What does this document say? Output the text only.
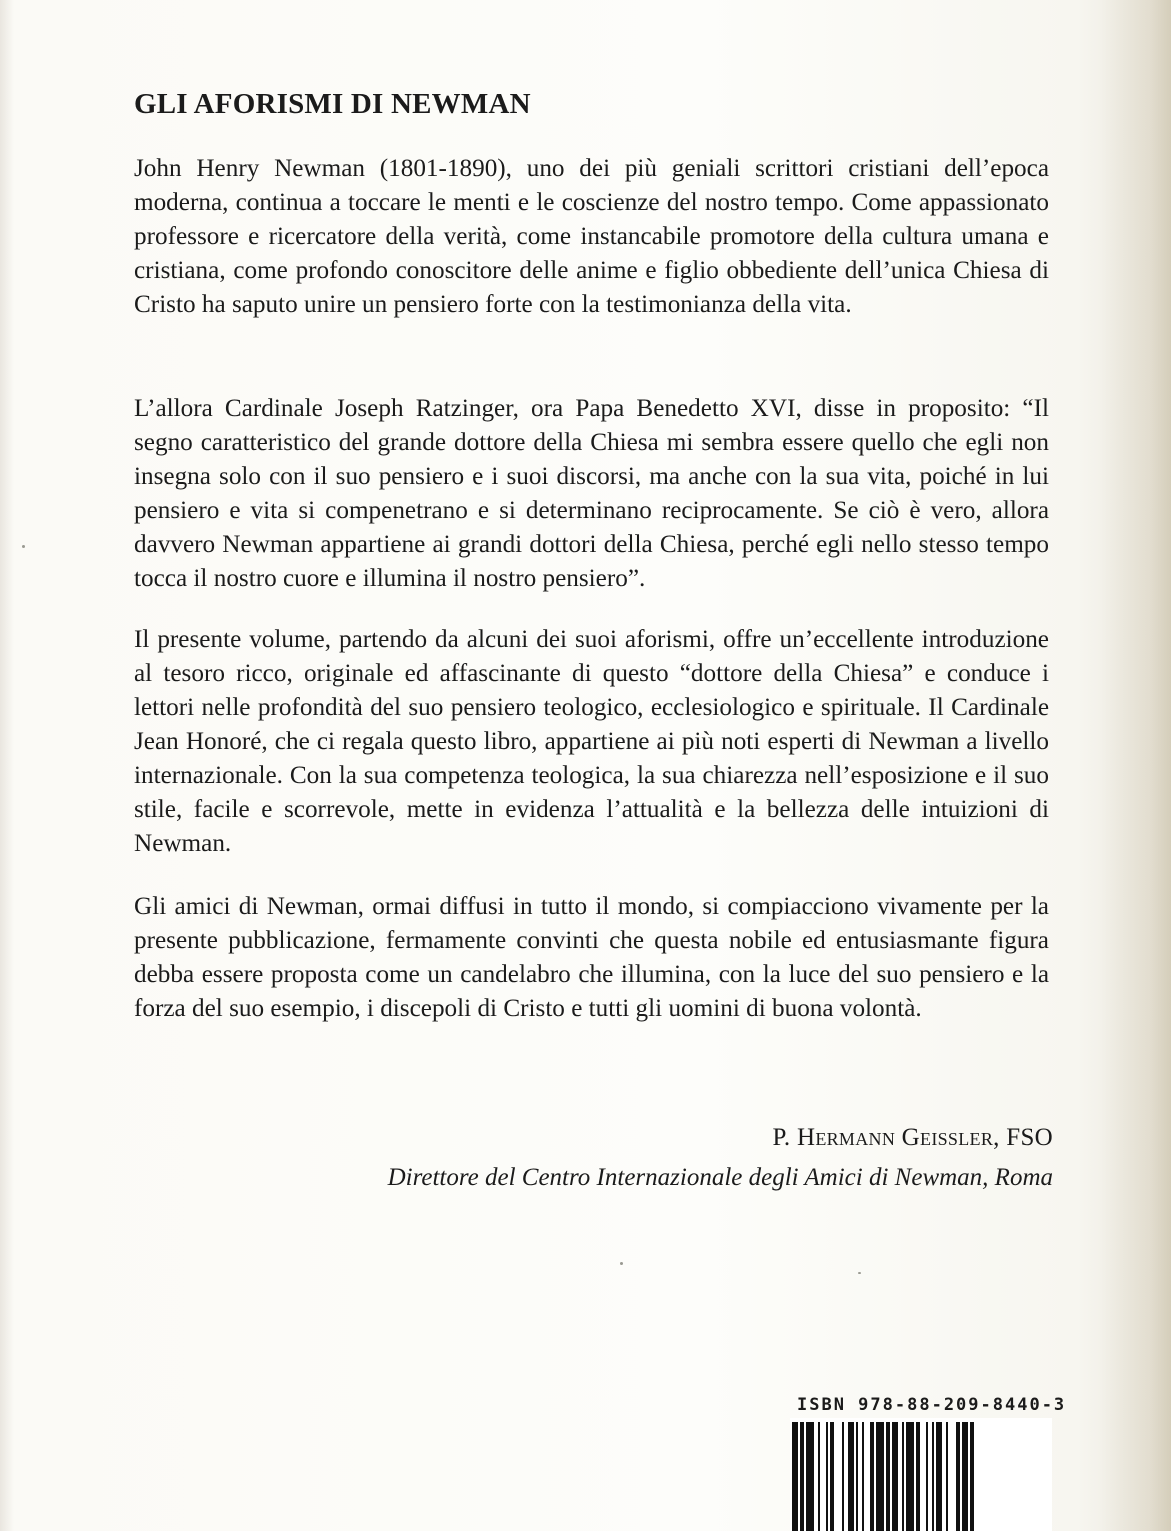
GLI AFORISMI DI NEWMAN

John Henry Newman (1801-1890), uno dei più geniali scrittori cristiani dell’epoca moderna, continua a toccare le menti e le coscienze del nostro tempo. Come appassionato professore e ricercatore della verità, come instancabile promotore della cultura umana e cristiana, come profondo conoscitore delle anime e figlio obbediente dell’unica Chiesa di Cristo ha saputo unire un pensiero forte con la testimonianza della vita.

L’allora Cardinale Joseph Ratzinger, ora Papa Benedetto XVI, disse in proposito: “Il segno caratteristico del grande dottore della Chiesa mi sembra essere quello che egli non insegna solo con il suo pensiero e i suoi discorsi, ma anche con la sua vita, poiché in lui pensiero e vita si compenetrano e si determinano reciprocamente. Se ciò è vero, allora davvero Newman appartiene ai grandi dottori della Chiesa, perché egli nello stesso tempo tocca il nostro cuore e illumina il nostro pensiero”.

Il presente volume, partendo da alcuni dei suoi aforismi, offre un’eccellente introduzione al tesoro ricco, originale ed affascinante di questo “dottore della Chiesa” e conduce i lettori nelle profondità del suo pensiero teologico, ecclesiologico e spirituale. Il Cardinale Jean Honoré, che ci regala questo libro, appartiene ai più noti esperti di Newman a livello internazionale. Con la sua competenza teologica, la sua chiarezza nell’esposizione e il suo stile, facile e scorrevole, mette in evidenza l’attualità e la bellezza delle intuizioni di Newman.

Gli amici di Newman, ormai diffusi in tutto il mondo, si compiacciono vivamente per la presente pubblicazione, fermamente convinti che questa nobile ed entusiasmante figura debba essere proposta come un candelabro che illumina, con la luce del suo pensiero e la forza del suo esempio, i discepoli di Cristo e tutti gli uomini di buona volontà.

P. Hermann Geissler, FSO
Direttore del Centro Internazionale degli Amici di Newman, Roma
ISBN 978-88-209-8440-3
